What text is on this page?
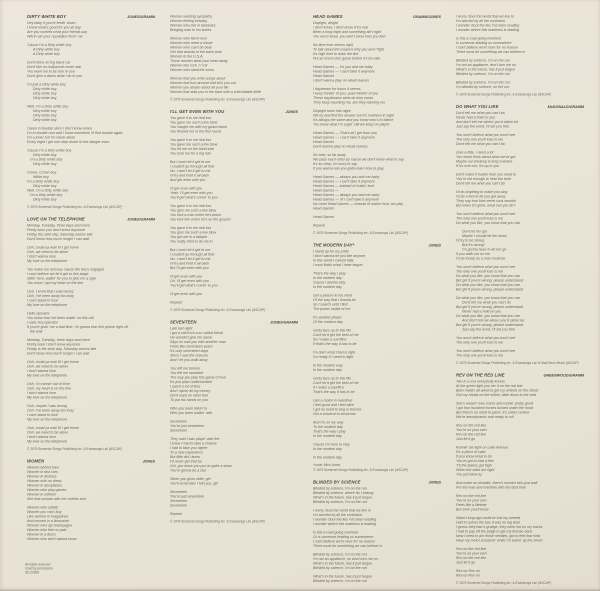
DIRTY WHITE BOY	JONES/GRAMM
Hey baby if you're feelin' down
I know what's good for you all day
Are you worried what your friends say
Will it ruin your reputation lovin' me
'Cause I'm a Dirty white boy
A Dirty white boy
A Dirty white boy
Don't drive no big black car
Don't like no hollywood movie star
You want me to be true to you
Don't give a damn what I do to you
I'm just a Dirty white boy
Dirty white boy
Dirty white boy
Dirty white boy
Well, I'm a Dirty white boy
Dirty white boy
Dirty white boy
Dirty white boy
I been in trouble since I don't know when
I'm in trouble now and I know somehow I'll find trouble again
I'm a loner but I'm never alone
Every night I get one step closer to the danger zone
'Cause I'm a Dirty white boy
Dirty white boy
I'm a Dirty white boy
Dirty white boy
C'mon, C'mon boy
White boy
I'm a Dirty white boy
Dirty white boy
Well, I'm a Dirty white boy
I'm a Dirty white boy
Dirty white boy
© 1979 Somerset Songs Publishing Inc. & Evansongs Ltd. (ASCAP)
LOVE ON THE TELEPHONE	JONES/GRAMM
Monday, Tuesday, three days and more
Pretty soon you don't know anymore
Friday the sixth day, Saturday seems late
Don't know how much longer I can wait
Ooh, could ya wait 'til I get home
Ooh, we need to be alone
I don't wanna lose
My love on the telephone
You make me nervous 'cause the line's engaged
I can't believe we let it get to this stage
Sittin' here, waitin' for you to give me a sign
You know I got my heart on the line
Ooh, I know that I was wrong
Ooh, I've been away too long
I can't stand to lose
My love on the telephone
Hello operator
You know that I've been waitin' on this call
I said, hey operator
If you're givin' me a bad time, I'm gonna tear this phone right off
the wall
Monday, Tuesday, three days and more
Pretty soon I don't know anymore
Friday is the sixth day, Saturday seems late
Don't know how much longer I can wait
Ooh, could ya wait 'til I get home
Ooh, we need to be alone
I don't wanna lose
My love on the telephone
Ooh, I'm runnin' out of time
Ooh, my heart is on the line
I don't wanna lose
My love on the telephone
Ooh, maybe I was wrong
Ooh, I've been away too long
I can't stand to lose
My love on the telephone
Ooh, could ya wait 'til I get home
Ooh, we need to be alone
I don't wanna lose
My love on the telephone
© 1979 Somerset Songs Publishing Inc. & Evansongs Ltd. (ASCAP)
WOMEN	JONES
Women behind bars
Women in fast cars
Women in distress
Women with no dress
Women in aeroplanes
Women who play games
Women in uniform
See that woman with her clothes torn
Women who satisfy
Women you can't buy
Like women in magazines
And women in a limousine
Women who sip champagne
Women who feel no pain
Women in a disco
Women who don't wanna know
Women wanting sympathy
Women feeling ecstasy
Women who live in fantasies
Bringing man to his knees
Women who fall in love
Women who need a shove
Women who can't be beat
Get that woman in the back seat
Women in the U.S.A.
Those women steal your heart away
Women into rock 'n' roll
Women who steal the show
Women that you write songs about
Women that turn around and kick you out
Women you dream about all your life
Women that stab you in the back with a switchblade knife
© 1979 Somerset Songs Publishing Inc. & Evansongs Ltd. (ASCAP)
I'LL GET EVEN WITH YOU	JONES
You gave it to me real low
You gave me such a low blow
You caught me with my guard down
You floored me in the first round
You gave it to me real low
You gave me such a low blow
You hit me on the blind side
You took me for a big ride
But I won't let it get to me
I couldn't go through all that
No, I won't let it get to me
I'll try and hold it all back
And get even with you
I'll get even with you
Yeah, I'll get even with you
You'll get what's comin' to you
You gave it to me real low
You give me such a low blow
You kick a man when he's down
You kick him when he's on the ground
You gave it to me real low
You give me such a low blow
You got me in a tailspin
You really tried to do me in
But I won't let it get to me
I couldn't go through all that
No, I won't let it get to me
I'll try and hold it all back
But I'll get even with you
I'll get even with you
Oh, I'll get even with you
You'll get what's comin' to you
I'll get even with you
Repeat
© 1979 Somerset Songs Publishing Inc. & Evansongs Ltd. (ASCAP)
SEVENTEEN	JONES/GRAMM
Late last night
I got a call from a so called friend
He wouldn't give his name
Says he saw you with another man
Feels like seventeen years
It's only seventeen days
Since I saw the real you
And I let you walk away
You left me broken
You left me stranded
The way you play this game of love
It's just plain underhanded
I spent a lot of time
And I spent all my money
Don't want no other fool
To put his hands on you
Who you been talkin' to
Who you been walkin' with
Seventeen
You're just seventeen
Seventeen
They said I was playin' with fire
I knew I had to take a chance
I had to take you higher
To a new experience
But little did I know
I'd never get that far
Girl, you know you put on quite a show
You're gonna be a star
When you grow older, girl
You'll remember I told you, girl
Seventeen
You're just seventeen
Seventeen
Seventeen
Repeat
© 1979 Somerset Songs Publishing Inc. & Evansongs Ltd. (ASCAP)
HEAD GAMES	GRAMM/JONES
Daylight, alright
I don't know, I don't know if it's real
Been a long night and something ain't right
You won't show, you won't show how you feel
No time ever seems right
To talk about the reasons why you and I fight
It's high time to draw the line
Put an end to this game before it's too late
Head Games — It's you and me baby
Head Games — I can't take it anymore
Head Games
I don't wanna play no Head Games
I daydream for hours it seems
I keep thinkin' of you, yeah thinkin' of you
These daydreams what do they mean
They keep haunting me, are they warning me
Daylight turns into night
We try and find the answer but it's nowhere in sight
It's always the same and you know who's to blame
You know what I'm sayin' still we keep on playin'
Head Games — That's all I get from you
Head Games — I can't take it anymore
Head Games
Don't wanna play no Head Games
So near, so far away
We pass each other by 'cause we don't know what to say
It's so clear, I'm sorry to say
If you wanna win you gotta learn how to play
Head Games — always you and me baby
Head Games — I can't take it anymore
Head Games — instead of makin' love
Head Games —
Head Games — always you and me baby
Head Games — 'til I can't take it anymore
No more Head Games — instead of makin' love, we play
Head Games
Head Games
Repeat
© 1979 Somerset Songs Publishing Inc. & Evansongs Ltd. (ASCAP)
THE MODERN DAY*	JONES
I stand up for my pride
I don't wanna be just like anyone
In this world I cannot hide
I must finish what I have begun
That's the way I play
In the modern day
'Cause I wanna stay
In the modern day
Got a picture in my mind
Of the way that I wanna be
So I search until I find
The power inside of me
It's another phase
Of the modern day
Gotta face up to this life
Can't let it get the best of me
So I make a sacrifice
If that's the way it has to be
I'm doin' what I feel is right
I'm ready if I need to fight
In the modern way
In the modern day
Gotta face up to this life
Can't let it get the best of me
If I make a sacrifice
That's the way it has to be
Like a motor in overdrive
I feel good and I feel alive
I got no need to beg or borrow
Got a shortcut to tomorrow
And I'm on my way
To the modern day
That's the way I play
In the modern day
'Cause I'm here to stay
In the modern day
In the modern day
*vocal: Mick Jones
© 1979 Somerset Songs Publishing Inc. & Evansongs Ltd. (ASCAP)
BLINDED BY SCIENCE	JONES
Blinded by science, I'm on the run
Blinded by science, where do I belong
What's in the future, has it just begun
Blinded by science, I'm on the run
I worry 'bout the world that we live in
I'm worried by all the confusion
I wonder 'bout the lies I've been reading
I wonder where this madness is leading
Is this a road going nowhere
Or is someone leading us somewhere
I can't believe we're here for no reason
There must be something we can believe in
Blinded by science, I'm on the run
I'm not an appliance, so don't turn me on
What's in the future, has it just begun
Blinded by science, I'm on the run
What's in the future, has it just begun
Blinded by science, I'm on the run
I worry 'bout the world that we live in
I'm worried by all the confusion
I wonder 'bout the lies I've been reading
I wonder where this madness is leading
Is this a road going nowhere
Is someone leading us somewhere
I can't believe we're here for no reason
There must be something we can believe in
Blinded by science, I'm on the run
I'm not an appliance, don't turn me on
What's in the future, has it just begun
Blinded by science, I'm on the run
Blinded by science, I'm on the run
I'm blinded by science, on the run
© 1979 Somerset Songs Publishing Inc. & Evansongs Ltd. (ASCAP)
DO WHAT YOU LIKE	McDONALD/GRAMM
Don't tell me what you can't do
Never had a hold on you
And don't tell me where you'd rather be
Just say the word, I'll set you free
You won't believe what you won't see
The only one you'll lose is me
Don't tell me what you can't do
Give a little, I need a lot
You never think about what we've got
Maybe our breakup is long overdue
If it's over me, it's up to you
Don't make it harder than you need to
You're old enough to hear the truth
Don't tell me what you can't do
I'd do anything to make you stay
I'd be a fool to let you get away
They say true love never runs smooth
But when it's gone, what can you do?
You won't believe what you won't see
The only one you'll lose is me
Do what you like, you know that you can
Don't let her go!
Maybe I should let her know
I'll try to be strong
But it's wrong!
I'm gonna have to let her go
If you walk out on me
I'd be lonely as a man could be
You won't believe what you won't see
The only one you'll lose is me
Do what you like, you know that you can
But girl if you're wrong, please understand
Do what you like, you know that you can
But girl if you're wrong, please understand
Do what you like, you know that you can
Don't tell me what you can't do
But girl if you're wrong, please understand
Never had a hold on you
Do what you like, you know that you can
And don't tell me where you'd rather be
But girl if you're wrong, please understand
Just say the word, I'll set you free
You won't believe what you won't see
The only one you'll lose is me
You won't believe what you won't see
The only one you'll lose is me
© 1979 Somerset Songs Publishing Inc. & Evansongs Ltd. & Mud Drum Music (ASCAP)
REV ON THE RED LINE	GREENWOOD/GRAMM
Two in a row everybody knows
At the green light you rev it on the red line
Been waitin' all week to get my wheels on the street
Got my hands on the wheel, slide down in the seat
She's wearin' new colors and runnin' pretty good
I got four hundred horses tucked under the hood
But there's no need to panic, it's under control
We're aerodynamic and ready to roll
Rev on the red line
You're on your own
Rev on the red line
Just let it go
Runnin' all night on Lake Avenue
It's a piece of cake
If you know what to do
You've got to lose a few
'Til the stakes get high
When the odds are right
You just blow by
And make no mistake, there's women who just wait
For the man and machine with the best time
Rev on the red line
You're on your own
Feels like a lifetime
But soon you'll know
Wasn't long ago could've lost my wheels
Had to outrun the law, it was no big deal
I guess they had a grudge, they were hot on my tracks
I had to pay off the judge to get my license back
Now I need to pin those needles, got to feel that heat
Hear my motor screamin' while I'm tearin' up the street
Rev on the red line
You're on your own
Rev on the red line
Just let it go
Rev on Rev on
Rev on Rev on
© 1979 Somerset Songs Publishing Inc. & Evansongs Ltd. (ASCAP)
All rights reserved
Used by permission
SD 29999
